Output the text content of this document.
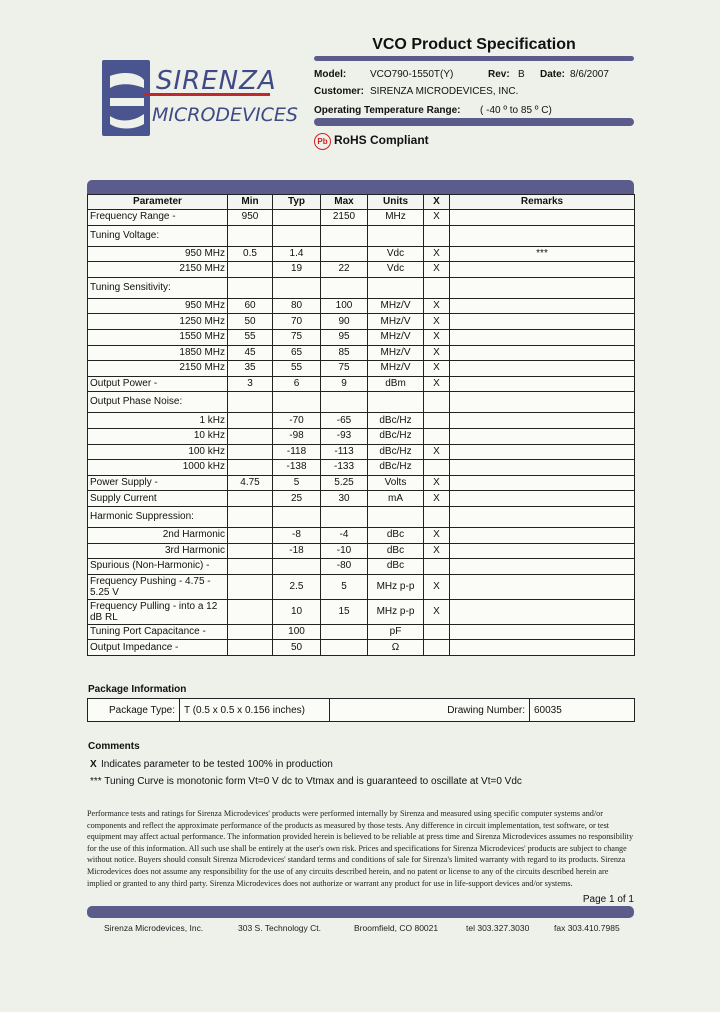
SIRENZA
MICRODEVICES
VCO Product Specification
Model: VCO790-1550T(Y)	Rev: B Date: 8/6/2007
Customer: SIRENZA MICRODEVICES, INC.
Operating Temperature Range: ( -40 º to 85 º C)
Pb RoHS Compliant
Parameter	Min	Typ	Max	Units	X	Remarks
Frequency Range -	950		2150	MHz	X	
Tuning Voltage:						
950 MHz	0.5	1.4		Vdc	X	***
2150 MHz		19	22	Vdc	X	
Tuning Sensitivity:						
950 MHz	60	80	100	MHz/V	X	
1250 MHz	50	70	90	MHz/V	X	
1550 MHz	55	75	95	MHz/V	X	
1850 MHz	45	65	85	MHz/V	X	
2150 MHz	35	55	75	MHz/V	X	
Output Power -	3	6	9	dBm	X	
Output Phase Noise:						
1 kHz		-70	-65	dBc/Hz		
10 kHz		-98	-93	dBc/Hz		
100 kHz		-118	-113	dBc/Hz	X	
1000 kHz		-138	-133	dBc/Hz		
Power Supply -	4.75	5	5.25	Volts	X	
Supply Current		25	30	mA	X	
Harmonic Suppression:						
2nd Harmonic		-8	-4	dBc	X	
3rd Harmonic		-18	-10	dBc	X	
Spurious (Non-Harmonic) -			-80	dBc		
Frequency Pushing - 4.75 - 5.25 V		2.5	5	MHz p-p	X	
Frequency Pulling - into a 12 dB RL		10	15	MHz p-p	X	
Tuning Port Capacitance -		100		pF		
Output Impedance -		50		Ω		
Package Information
Package Type:	T (0.5 x 0.5 x 0.156 inches)	Drawing Number:	60035
Comments
X Indicates parameter to be tested 100% in production
*** Tuning Curve is monotonic form Vt=0 V dc to Vtmax and is guaranteed to oscillate at Vt=0 Vdc
Performance tests and ratings for Sirenza Microdevices' products were performed internally by Sirenza and measured using specific computer systems and/or components and reflect the approximate performance of the products as measured by those tests. Any difference in circuit implementation, test software, or test equipment may affect actual performance. The information provided herein is believed to be reliable at press time and Sirenza Microdevices assumes no responsibility for the use of this information. All such use shall be entirely at the user's own risk. Prices and specifications for Sirenza Microdevices' products are subject to change without notice. Buyers should consult Sirenza Microdevices' standard terms and conditions of sale for Sirenza's limited warranty with regard to its products. Sirenza Microdevices does not assume any responsibility for the use of any circuits described herein, and no patent or license to any of the circuits described herein are implied or granted to any third party. Sirenza Microdevices does not authorize or warrant any product for use in life-support devices and/or systems.
Page 1 of 1
Sirenza Microdevices, Inc.	303 S. Technology Ct.	Broomfield, CO 80021	tel 303.327.3030	fax 303.410.7985
